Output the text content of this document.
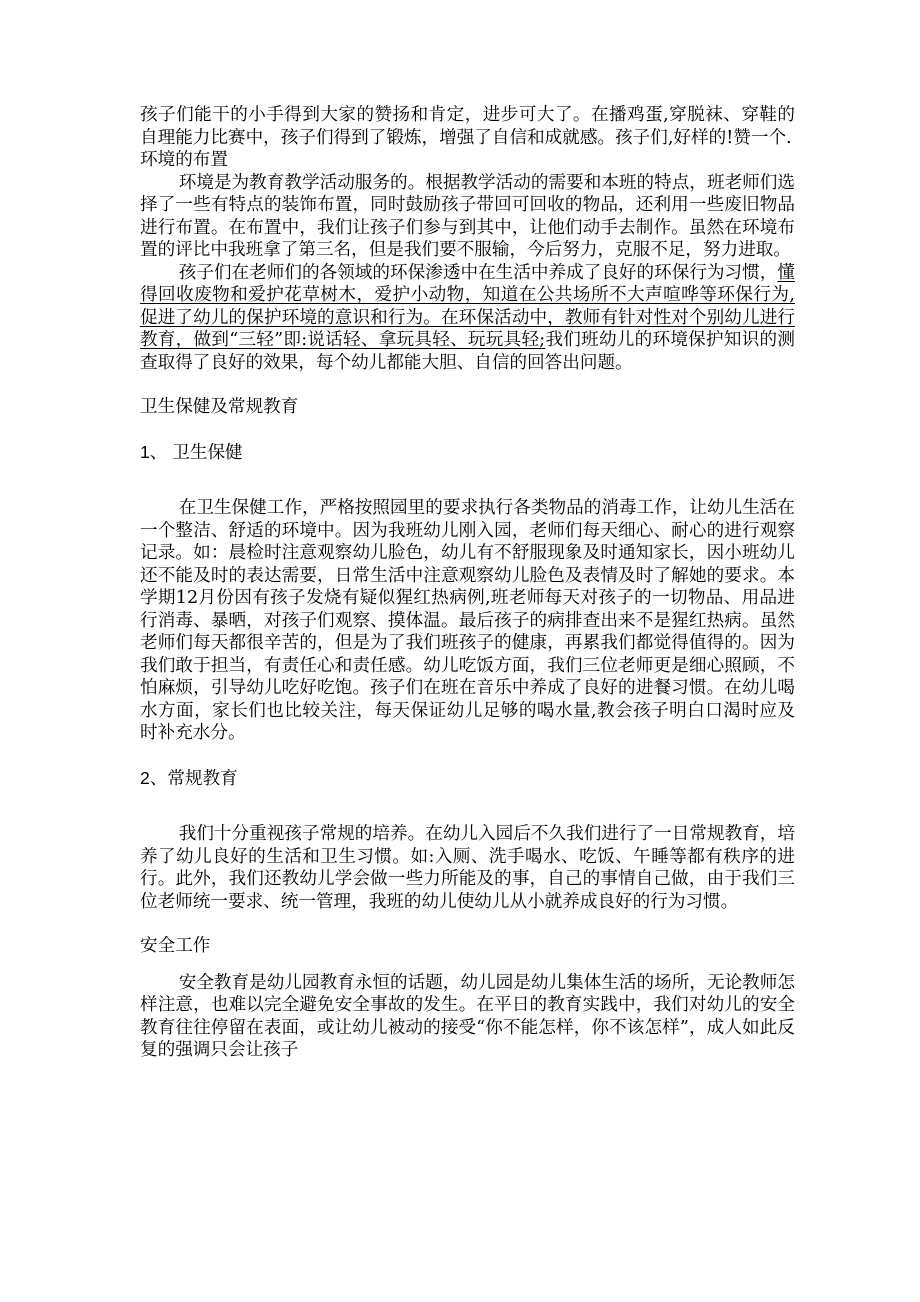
孩子们能干的小手得到大家的赞扬和肯定，进步可大了。在播鸡蛋,穿脱袜、穿鞋的自理能力比赛中，孩子们得到了锻炼，增强了自信和成就感。孩子们,好样的!赞一个.

环境的布置

环境是为教育教学活动服务的。根据教学活动的需要和本班的特点，班老师们选择了一些有特点的装饰布置，同时鼓励孩子带回可回收的物品，还利用一些废旧物品进行布置。在布置中，我们让孩子们参与到其中，让他们动手去制作。虽然在环境布置的评比中我班拿了第三名，但是我们要不服输，今后努力，克服不足，努力进取。

孩子们在老师们的各领域的环保渗透中在生活中养成了良好的环保行为习惯，懂得回收废物和爱护花草树木，爱护小动物，知道在公共场所不大声喧哗等环保行为,促进了幼儿的保护环境的意识和行为。在环保活动中，教师有针对性对个别幼儿进行教育，做到“三轻”即:说话轻、拿玩具轻、玩玩具轻;我们班幼儿的环境保护知识的测查取得了良好的效果，每个幼儿都能大胆、自信的回答出问题。

卫生保健及常规教育

1、 卫生保健

在卫生保健工作，严格按照园里的要求执行各类物品的消毒工作，让幼儿生活在一个整洁、舒适的环境中。因为我班幼儿刚入园，老师们每天细心、耐心的进行观察记录。如：晨检时注意观察幼儿脸色，幼儿有不舒服现象及时通知家长，因小班幼儿还不能及时的表达需要，日常生活中注意观察幼儿脸色及表情及时了解她的要求。本学期12月份因有孩子发烧有疑似猩红热病例,班老师每天对孩子的一切物品、用品进行消毒、暴晒，对孩子们观察、摸体温。最后孩子的病排查出来不是猩红热病。虽然老师们每天都很辛苦的，但是为了我们班孩子的健康，再累我们都觉得值得的。因为我们敢于担当，有责任心和责任感。幼儿吃饭方面，我们三位老师更是细心照顾，不怕麻烦，引导幼儿吃好吃饱。孩子们在班在音乐中养成了良好的进餐习惯。在幼儿喝水方面，家长们也比较关注，每天保证幼儿足够的喝水量,教会孩子明白口渴时应及时补充水分。

2、常规教育

我们十分重视孩子常规的培养。在幼儿入园后不久我们进行了一日常规教育，培养了幼儿良好的生活和卫生习惯。如:入厕、洗手喝水、吃饭、午睡等都有秩序的进行。此外，我们还教幼儿学会做一些力所能及的事，自己的事情自己做，由于我们三位老师统一要求、统一管理，我班的幼儿使幼儿从小就养成良好的行为习惯。

安全工作

安全教育是幼儿园教育永恒的话题，幼儿园是幼儿集体生活的场所，无论教师怎样注意，也难以完全避免安全事故的发生。在平日的教育实践中，我们对幼儿的安全教育往往停留在表面，或让幼儿被动的接受“你不能怎样，你不该怎样”，成人如此反复的强调只会让孩子
